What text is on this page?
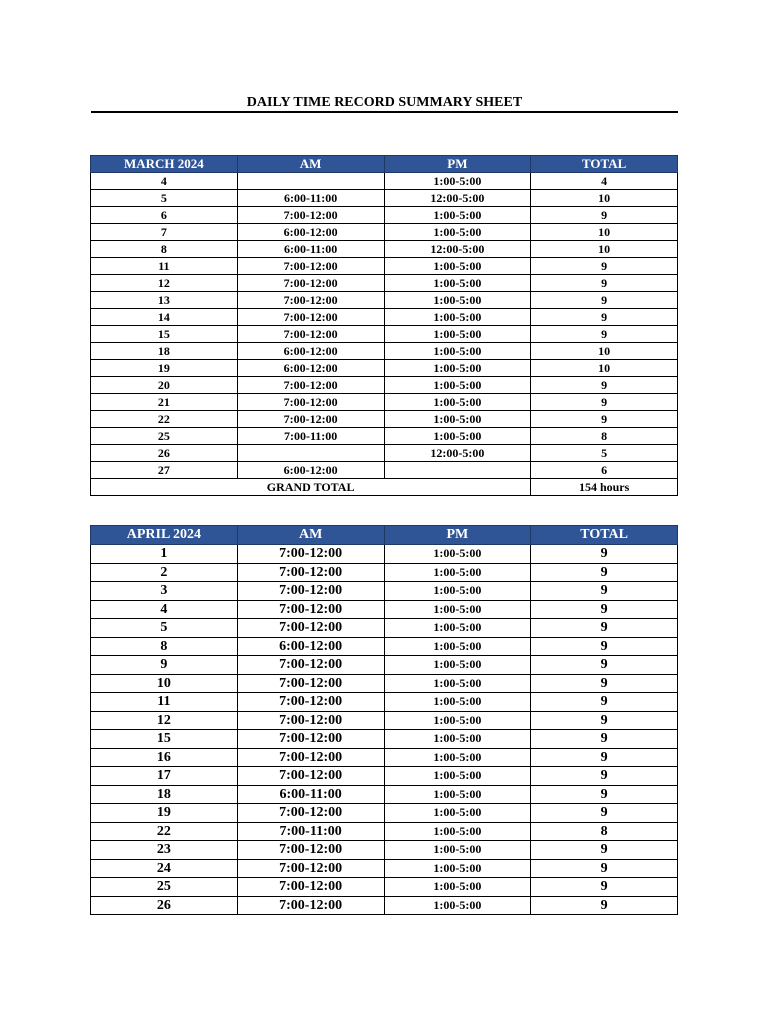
DAILY TIME RECORD SUMMARY SHEET
MARCH 2024	AM	PM	TOTAL
4		1:00-5:00	4
5	6:00-11:00	12:00-5:00	10
6	7:00-12:00	1:00-5:00	9
7	6:00-12:00	1:00-5:00	10
8	6:00-11:00	12:00-5:00	10
11	7:00-12:00	1:00-5:00	9
12	7:00-12:00	1:00-5:00	9
13	7:00-12:00	1:00-5:00	9
14	7:00-12:00	1:00-5:00	9
15	7:00-12:00	1:00-5:00	9
18	6:00-12:00	1:00-5:00	10
19	6:00-12:00	1:00-5:00	10
20	7:00-12:00	1:00-5:00	9
21	7:00-12:00	1:00-5:00	9
22	7:00-12:00	1:00-5:00	9
25	7:00-11:00	1:00-5:00	8
26		12:00-5:00	5
27	6:00-12:00		6
GRAND TOTAL			154 hours
APRIL 2024	AM	PM	TOTAL
1	7:00-12:00	1:00-5:00	9
2	7:00-12:00	1:00-5:00	9
3	7:00-12:00	1:00-5:00	9
4	7:00-12:00	1:00-5:00	9
5	7:00-12:00	1:00-5:00	9
8	6:00-12:00	1:00-5:00	9
9	7:00-12:00	1:00-5:00	9
10	7:00-12:00	1:00-5:00	9
11	7:00-12:00	1:00-5:00	9
12	7:00-12:00	1:00-5:00	9
15	7:00-12:00	1:00-5:00	9
16	7:00-12:00	1:00-5:00	9
17	7:00-12:00	1:00-5:00	9
18	6:00-11:00	1:00-5:00	9
19	7:00-12:00	1:00-5:00	9
22	7:00-11:00	1:00-5:00	8
23	7:00-12:00	1:00-5:00	9
24	7:00-12:00	1:00-5:00	9
25	7:00-12:00	1:00-5:00	9
26	7:00-12:00	1:00-5:00	9
